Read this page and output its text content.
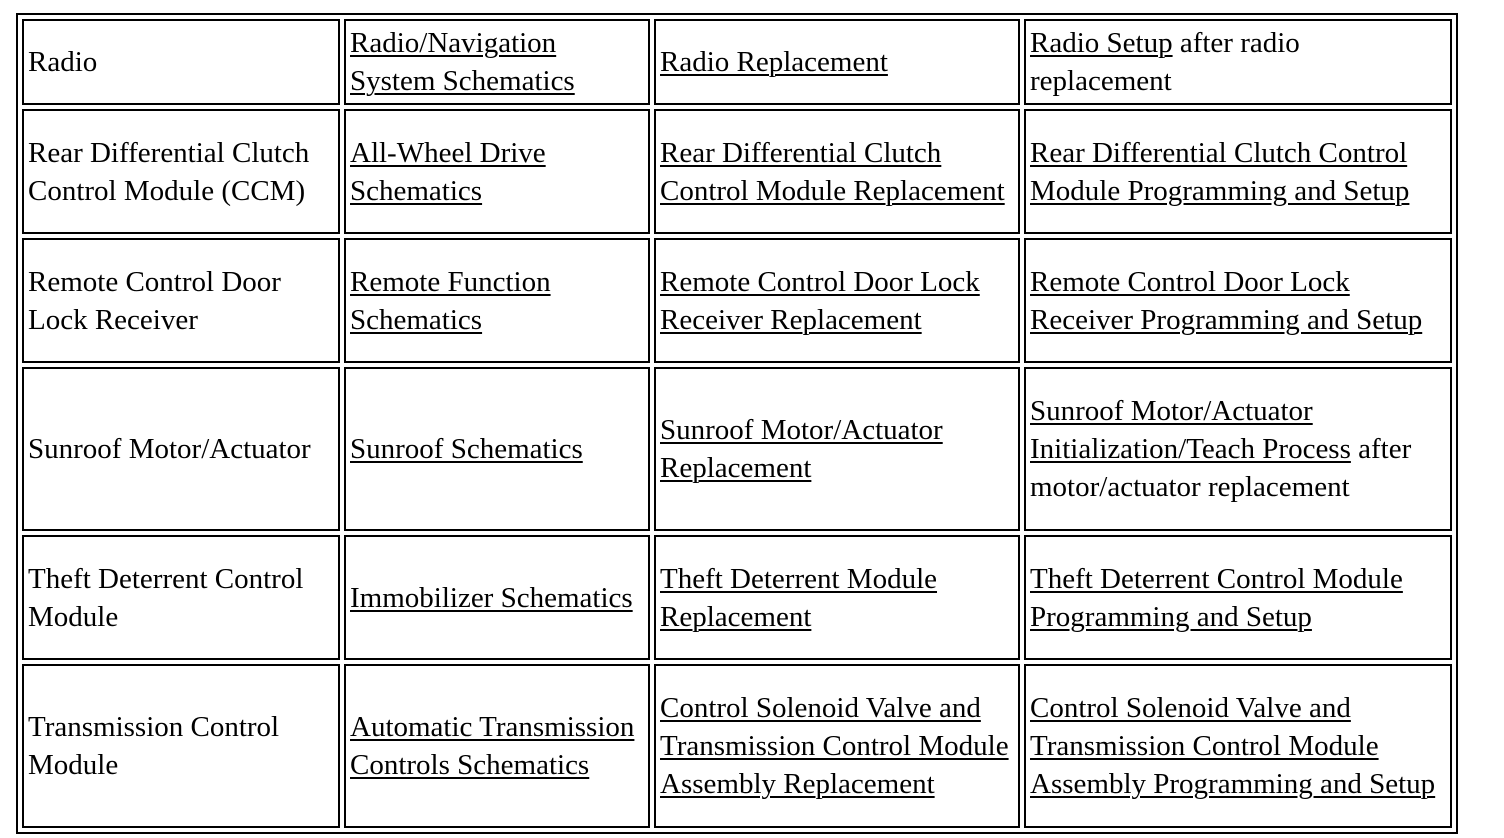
Radio	Radio/Navigation System Schematics	Radio Replacement	Radio Setup after radio replacement
Rear Differential Clutch Control Module (CCM)	All-Wheel Drive Schematics	Rear Differential Clutch Control Module Replacement	Rear Differential Clutch Control Module Programming and Setup
Remote Control Door Lock Receiver	Remote Function Schematics	Remote Control Door Lock Receiver Replacement	Remote Control Door Lock Receiver Programming and Setup
Sunroof Motor/Actuator	Sunroof Schematics	Sunroof Motor/Actuator Replacement	Sunroof Motor/Actuator Initialization/Teach Process after motor/actuator replacement
Theft Deterrent Control Module	Immobilizer Schematics	Theft Deterrent Module Replacement	Theft Deterrent Control Module Programming and Setup
Transmission Control Module	Automatic Transmission Controls Schematics	Control Solenoid Valve and Transmission Control Module Assembly Replacement	Control Solenoid Valve and Transmission Control Module Assembly Programming and Setup
